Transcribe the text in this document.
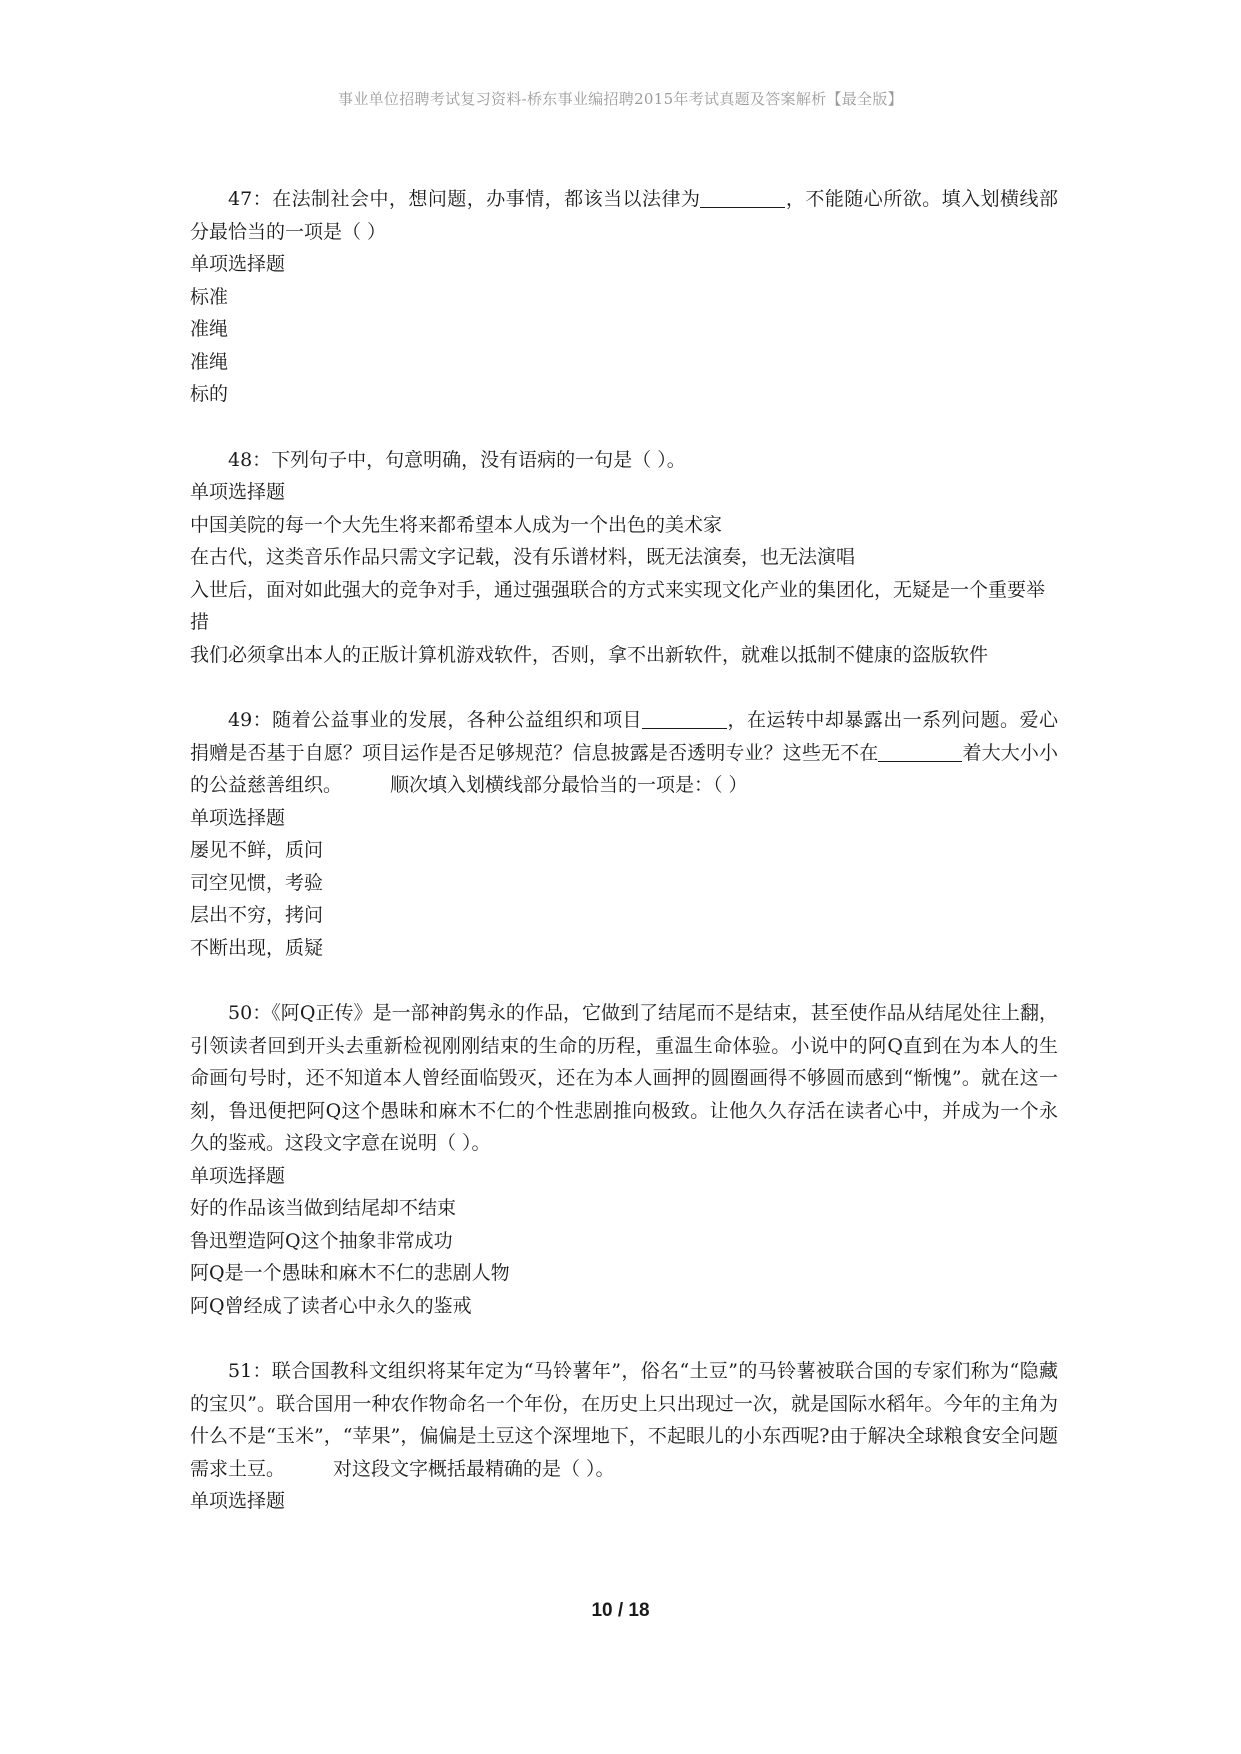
事业单位招聘考试复习资料-桥东事业编招聘2015年考试真题及答案解析【最全版】

47：在法制社会中，想问题，办事情，都该当以法律为	，不能随心所欲。填入划横线部分最恰当的一项是（ ）

单项选择题

标准

准绳

准绳

标的

48：下列句子中，句意明确，没有语病的一句是（ ）。

单项选择题

中国美院的每一个大先生将来都希望本人成为一个出色的美术家

在古代，这类音乐作品只需文字记载，没有乐谱材料，既无法演奏，也无法演唱

入世后，面对如此强大的竞争对手，通过强强联合的方式来实现文化产业的集团化，无疑是一个重要举措

我们必须拿出本人的正版计算机游戏软件，否则，拿不出新软件，就难以抵制不健康的盗版软件

49：随着公益事业的发展，各种公益组织和项目	，在运转中却暴露出一系列问题。爱心捐赠是否基于自愿？项目运作是否足够规范？信息披露是否透明专业？这些无不在	着大大小小的公益慈善组织。	顺次填入划横线部分最恰当的一项是：（ ）

单项选择题

屡见不鲜，质问

司空见惯，考验

层出不穷，拷问

不断出现，质疑

50：《阿Q正传》是一部神韵隽永的作品，它做到了结尾而不是结束，甚至使作品从结尾处往上翻，引领读者回到开头去重新检视刚刚结束的生命的历程，重温生命体验。小说中的阿Q直到在为本人的生命画句号时，还不知道本人曾经面临毁灭，还在为本人画押的圆圈画得不够圆而感到“惭愧”。就在这一刻，鲁迅便把阿Q这个愚昧和麻木不仁的个性悲剧推向极致。让他久久存活在读者心中，并成为一个永久的鉴戒。这段文字意在说明（ ）。

单项选择题

好的作品该当做到结尾却不结束

鲁迅塑造阿Q这个抽象非常成功

阿Q是一个愚昧和麻木不仁的悲剧人物

阿Q曾经成了读者心中永久的鉴戒

51：联合国教科文组织将某年定为“马铃薯年”，俗名“土豆”的马铃薯被联合国的专家们称为“隐藏的宝贝”。联合国用一种农作物命名一个年份，在历史上只出现过一次，就是国际水稻年。今年的主角为什么不是“玉米”，“苹果”，偏偏是土豆这个深埋地下，不起眼儿的小东西呢?由于解决全球粮食安全问题需求土豆。	对这段文字概括最精确的是（ ）。

单项选择题

10 / 18
